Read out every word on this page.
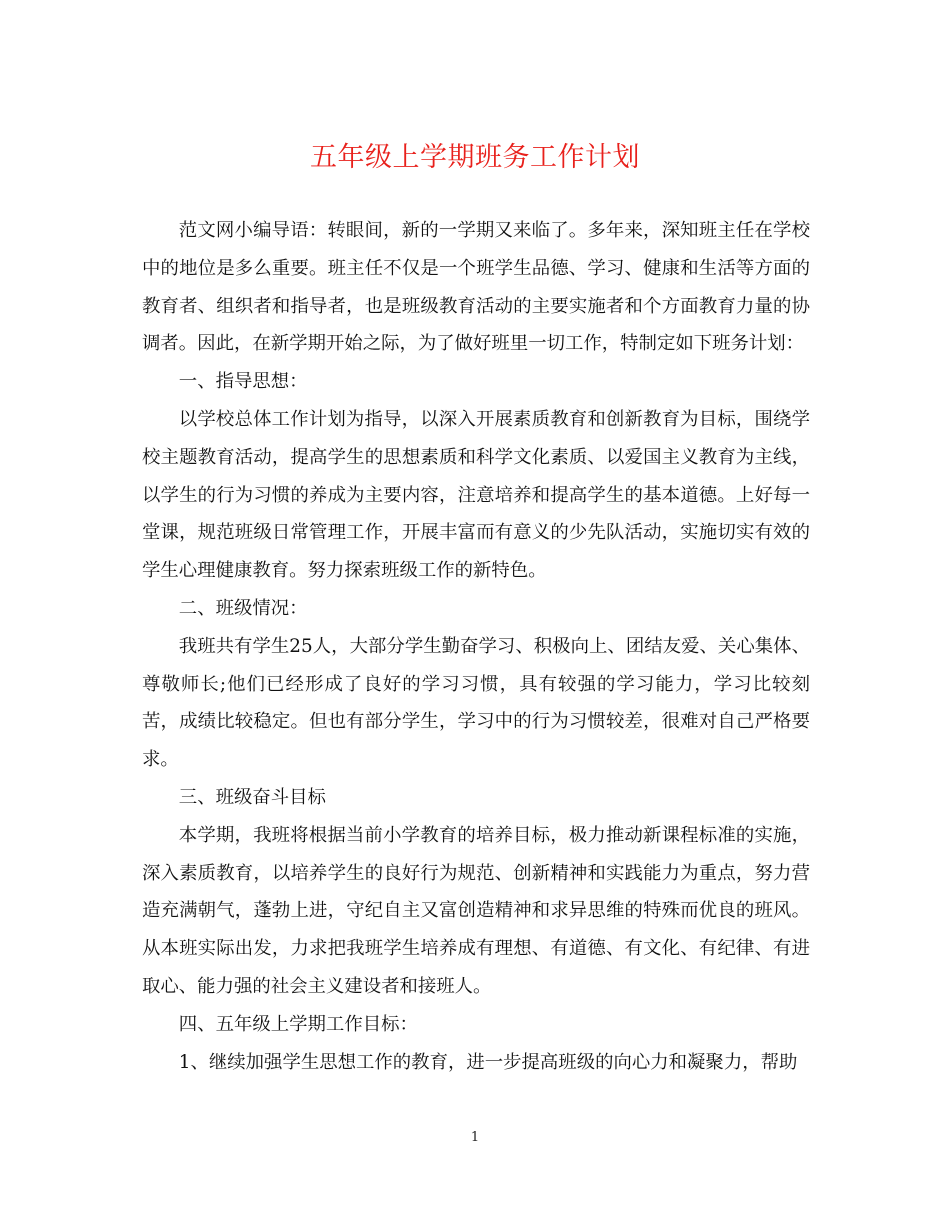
五年级上学期班务工作计划

范文网小编导语：转眼间，新的一学期又来临了。多年来，深知班主任在学校中的地位是多么重要。班主任不仅是一个班学生品德、学习、健康和生活等方面的教育者、组织者和指导者，也是班级教育活动的主要实施者和个方面教育力量的协调者。因此，在新学期开始之际，为了做好班里一切工作，特制定如下班务计划：

一、指导思想：

以学校总体工作计划为指导，以深入开展素质教育和创新教育为目标，围绕学校主题教育活动，提高学生的思想素质和科学文化素质、以爱国主义教育为主线，以学生的行为习惯的养成为主要内容，注意培养和提高学生的基本道德。上好每一堂课，规范班级日常管理工作，开展丰富而有意义的少先队活动，实施切实有效的学生心理健康教育。努力探索班级工作的新特色。

二、班级情况：

我班共有学生25人，大部分学生勤奋学习、积极向上、团结友爱、关心集体、尊敬师长;他们已经形成了良好的学习习惯，具有较强的学习能力，学习比较刻苦，成绩比较稳定。但也有部分学生，学习中的行为习惯较差，很难对自己严格要求。

三、班级奋斗目标

本学期，我班将根据当前小学教育的培养目标，极力推动新课程标准的实施，深入素质教育，以培养学生的良好行为规范、创新精神和实践能力为重点，努力营造充满朝气，蓬勃上进，守纪自主又富创造精神和求异思维的特殊而优良的班风。从本班实际出发，力求把我班学生培养成有理想、有道德、有文化、有纪律、有进取心、能力强的社会主义建设者和接班人。

四、五年级上学期工作目标：

1、继续加强学生思想工作的教育，进一步提高班级的向心力和凝聚力，帮助

1
